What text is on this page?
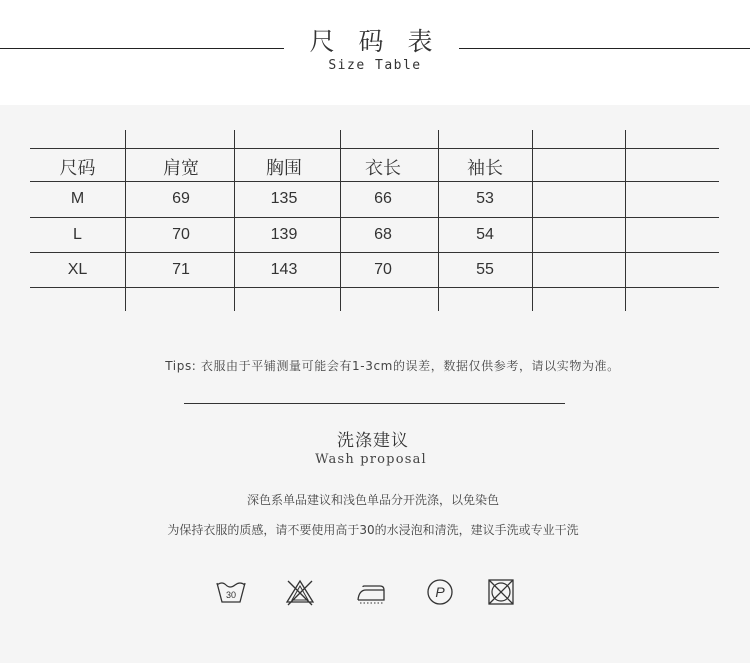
尺 码 表
Size Table
尺码	肩宽	胸围	衣长	袖长
M	69	135	66	53
L	70	139	68	54
XL	71	143	70	55
Tips: 衣服由于平铺测量可能会有1-3cm的误差，数据仅供参考，请以实物为准。
洗涤建议
Wash proposal
深色系单品建议和浅色单品分开洗涤，以免染色
为保持衣服的质感，请不要使用高于30的水浸泡和清洗，建议手洗或专业干洗
30	P
